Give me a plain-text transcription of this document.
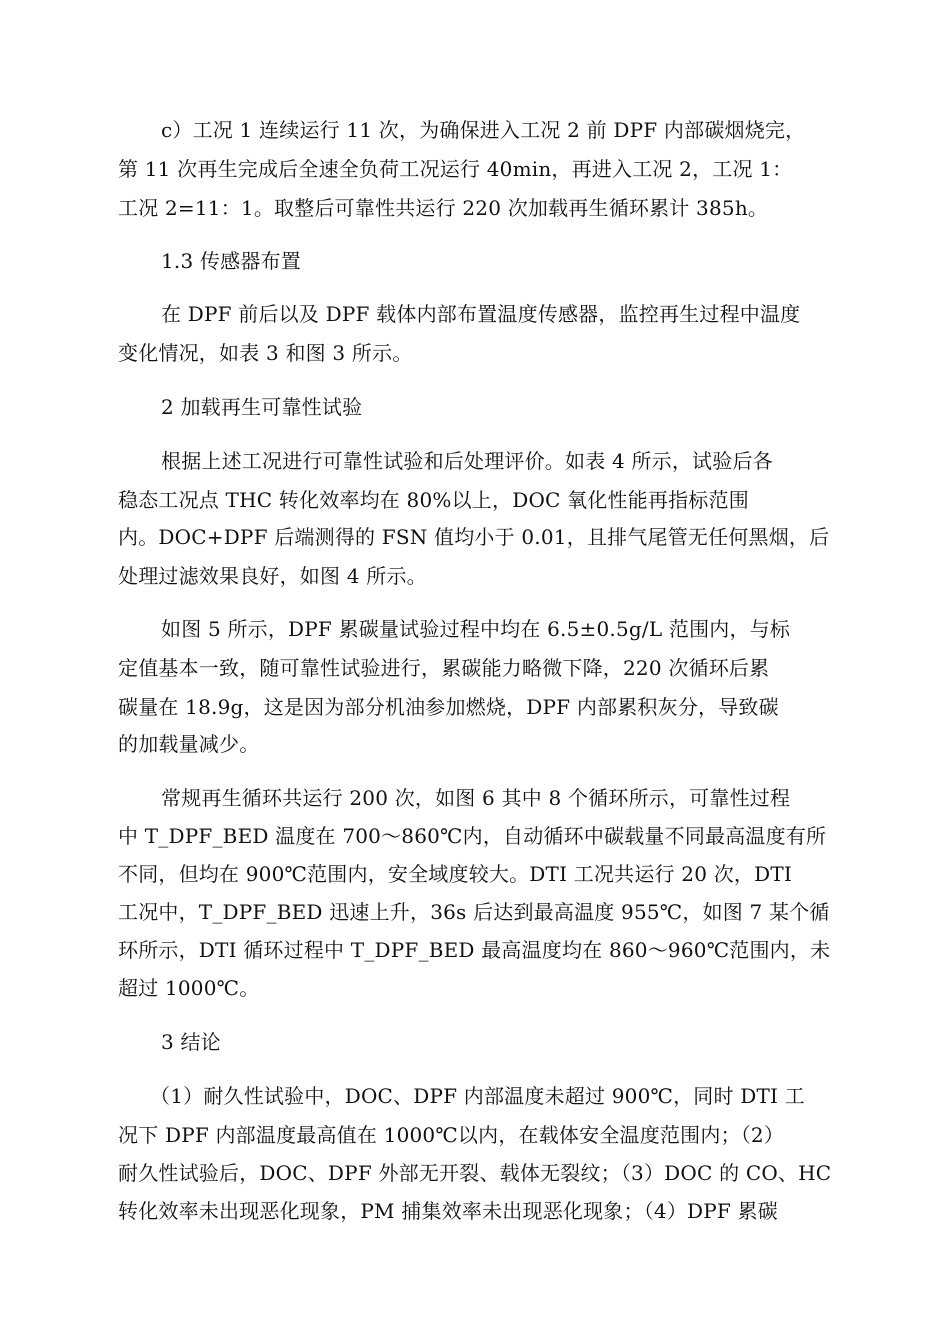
c）工况 1 连续运行 11 次，为确保进入工况 2 前 DPF 内部碳烟烧完，
第 11 次再生完成后全速全负荷工况运行 40min，再进入工况 2，工况 1：
工况 2=11：1。取整后可靠性共运行 220 次加载再生循环累计 385h。
1.3 传感器布置
在 DPF 前后以及 DPF 载体内部布置温度传感器，监控再生过程中温度
变化情况，如表 3 和图 3 所示。
2 加载再生可靠性试验
根据上述工况进行可靠性试验和后处理评价。如表 4 所示，试验后各
稳态工况点 THC 转化效率均在 80%以上，DOC 氧化性能再指标范围
内。DOC+DPF 后端测得的 FSN 值均小于 0.01，且排气尾管无任何黑烟，后
处理过滤效果良好，如图 4 所示。
如图 5 所示，DPF 累碳量试验过程中均在 6.5±0.5g/L 范围内，与标
定值基本一致，随可靠性试验进行，累碳能力略微下降，220 次循环后累
碳量在 18.9g，这是因为部分机油参加燃烧，DPF 内部累积灰分，导致碳
的加载量减少。
常规再生循环共运行 200 次，如图 6 其中 8 个循环所示，可靠性过程
中 T_DPF_BED 温度在 700～860℃内，自动循环中碳载量不同最高温度有所
不同，但均在 900℃范围内，安全域度较大。DTI 工况共运行 20 次，DTI
工况中，T_DPF_BED 迅速上升，36s 后达到最高温度 955℃，如图 7 某个循
环所示，DTI 循环过程中 T_DPF_BED 最高温度均在 860～960℃范围内，未
超过 1000℃。
3 结论
（1）耐久性试验中，DOC、DPF 内部温度未超过 900℃，同时 DTI 工
况下 DPF 内部温度最高值在 1000℃以内，在载体安全温度范围内；（2）
耐久性试验后，DOC、DPF 外部无开裂、载体无裂纹；（3）DOC 的 CO、HC
转化效率未出现恶化现象，PM 捕集效率未出现恶化现象；（4）DPF 累碳
